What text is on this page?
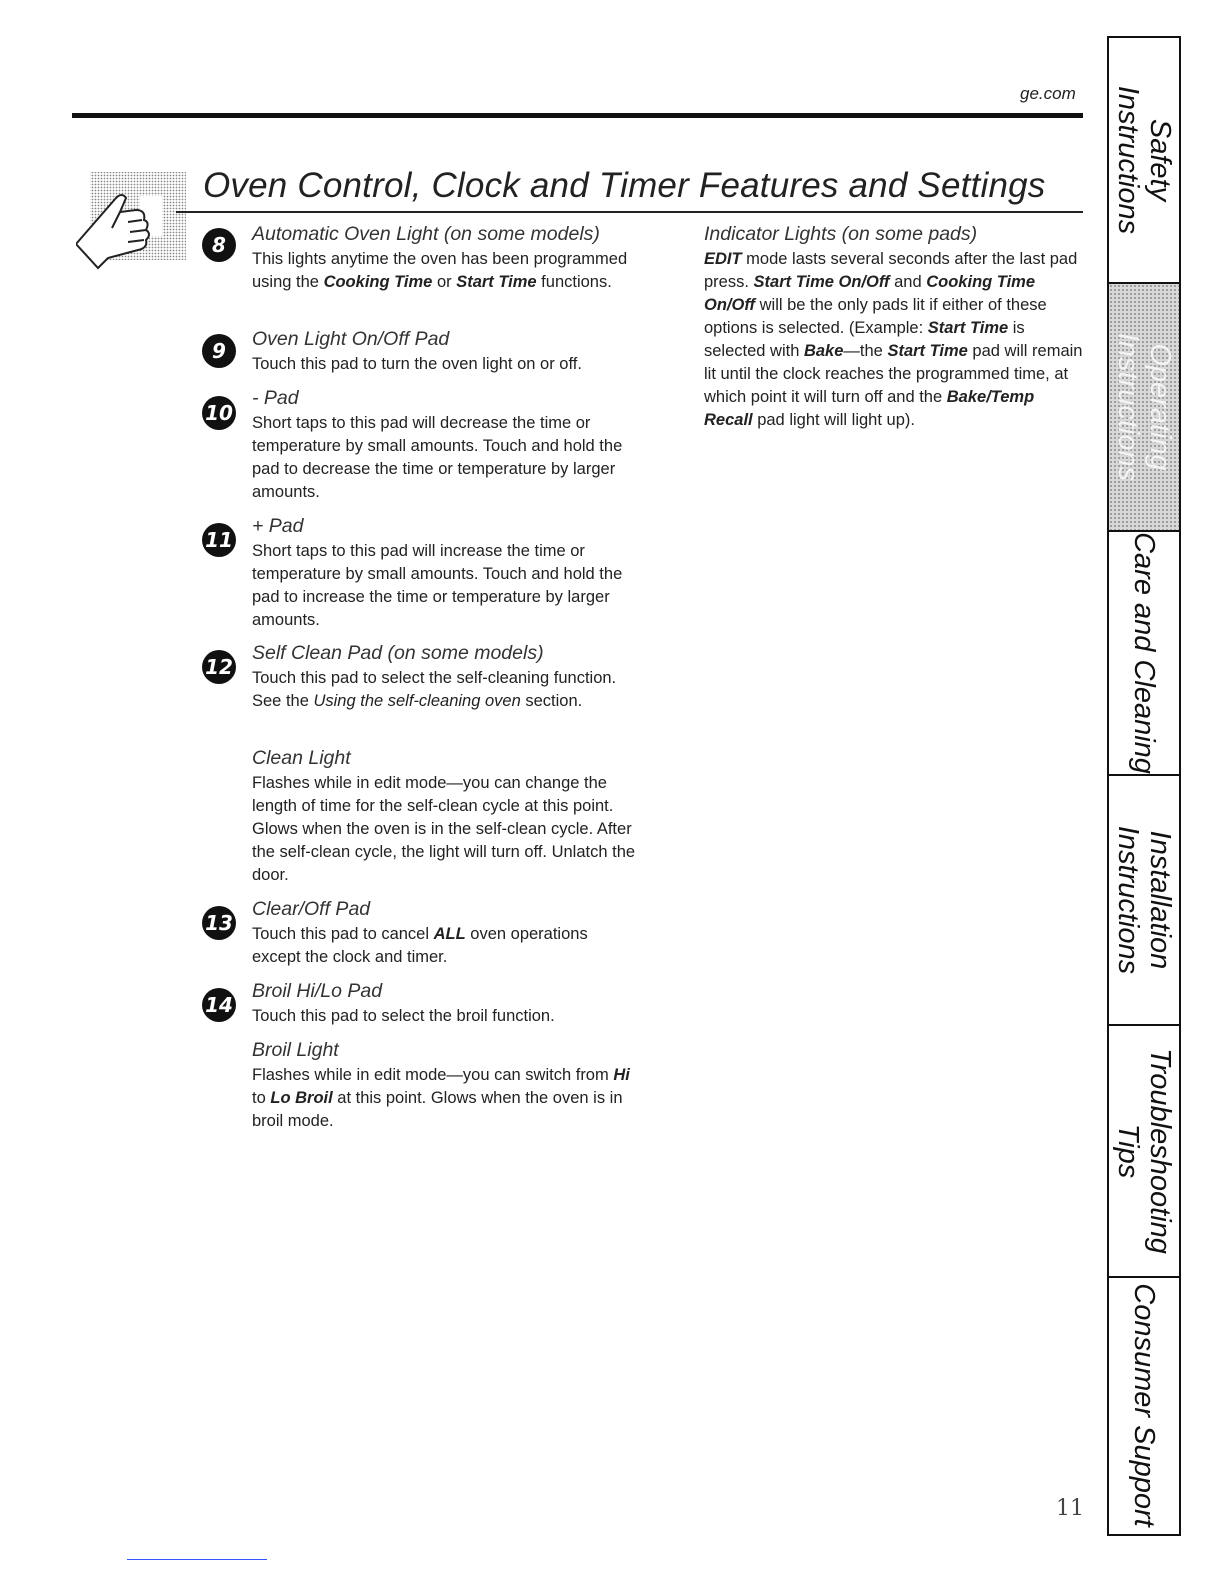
ge.com
Oven Control, Clock and Timer Features and Settings
Automatic Oven Light (on some models)

This lights anytime the oven has been programmed using the Cooking Time or Start Time functions.

8
Oven Light On/Off Pad

Touch this pad to turn the oven light on or off.

9
- Pad

Short taps to this pad will decrease the time or temperature by small amounts. Touch and hold the pad to decrease the time or temperature by larger amounts.

10
+ Pad

Short taps to this pad will increase the time or temperature by small amounts. Touch and hold the pad to increase the time or temperature by larger amounts.

11
Self Clean Pad (on some models)

Touch this pad to select the self-cleaning function. See the Using the self-cleaning oven section.

12
Clean Light

Flashes while in edit mode—you can change the length of time for the self-clean cycle at this point. Glows when the oven is in the self-clean cycle. After the self-clean cycle, the light will turn off. Unlatch the door.

Clear/Off Pad

Touch this pad to cancel ALL oven operations except the clock and timer.

13
Broil Hi/Lo Pad

Touch this pad to select the broil function.

14
Broil Light

Flashes while in edit mode—you can switch from Hi to Lo Broil at this point. Glows when the oven is in broil mode.

Indicator Lights (on some pads)

EDIT mode lasts several seconds after the last pad press. Start Time On/Off and Cooking Time On/Off will be the only pads lit if either of these options is selected. (Example: Start Time is selected with Bake—the Start Time pad will remain lit until the clock reaches the programmed time, at which point it will turn off and the Bake/Temp Recall pad light will light up).

Safety
Instructions
Operating
Instructions
Care and Cleaning
Installation
Instructions
Troubleshooting
Tips
Consumer Support
11
